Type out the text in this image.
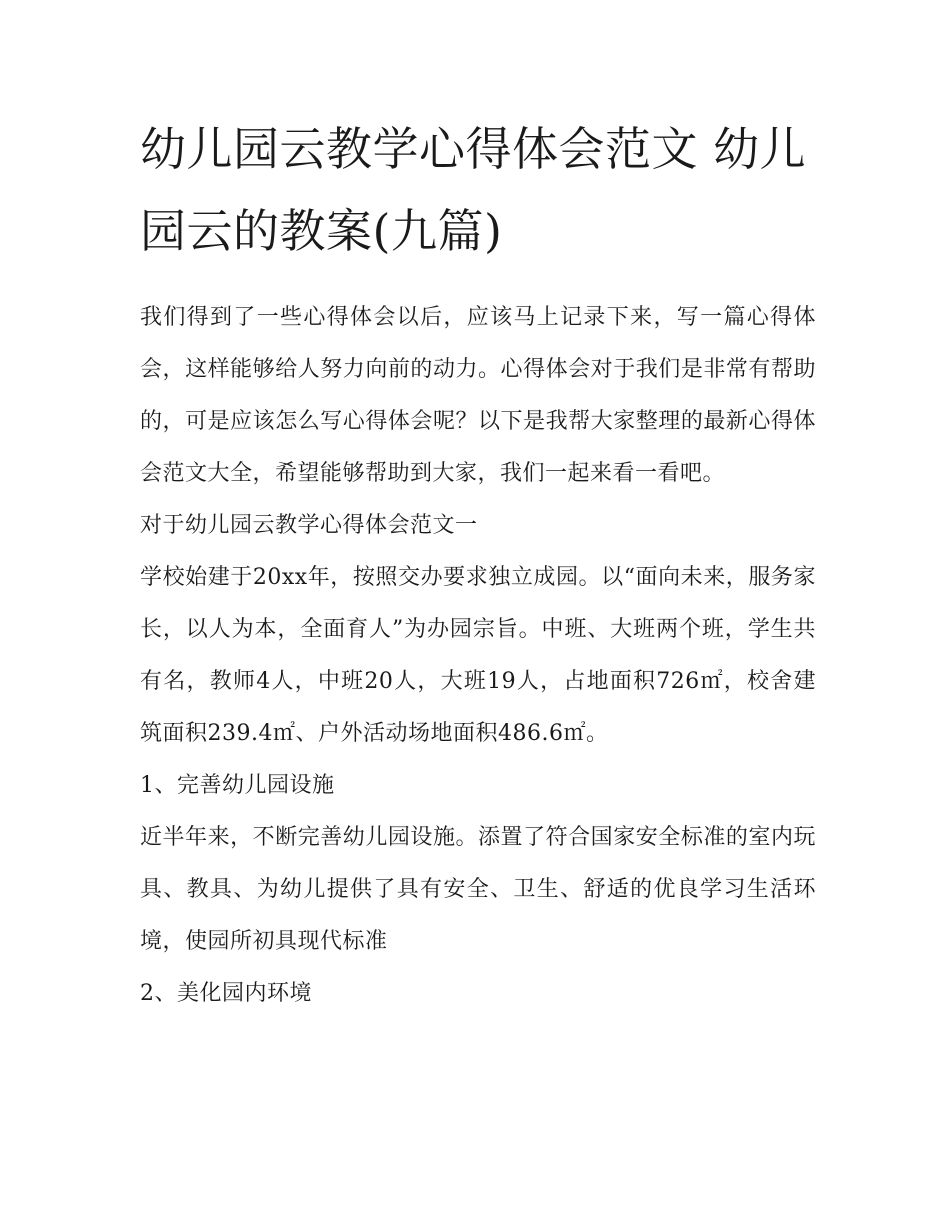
幼儿园云教学心得体会范文 幼儿园云的教案(九篇)

我们得到了一些心得体会以后，应该马上记录下来，写一篇心得体会，这样能够给人努力向前的动力。心得体会对于我们是非常有帮助的，可是应该怎么写心得体会呢？以下是我帮大家整理的最新心得体会范文大全，希望能够帮助到大家，我们一起来看一看吧。

对于幼儿园云教学心得体会范文一

学校始建于20xx年，按照交办要求独立成园。以“面向未来，服务家长，以人为本，全面育人”为办园宗旨。中班、大班两个班，学生共有名，教师4人，中班20人，大班19人，占地面积726㎡，校舍建筑面积239.4㎡、户外活动场地面积486.6㎡。

1、完善幼儿园设施

近半年来，不断完善幼儿园设施。添置了符合国家安全标准的室内玩具、教具、为幼儿提供了具有安全、卫生、舒适的优良学习生活环境，使园所初具现代标准

2、美化园内环境
